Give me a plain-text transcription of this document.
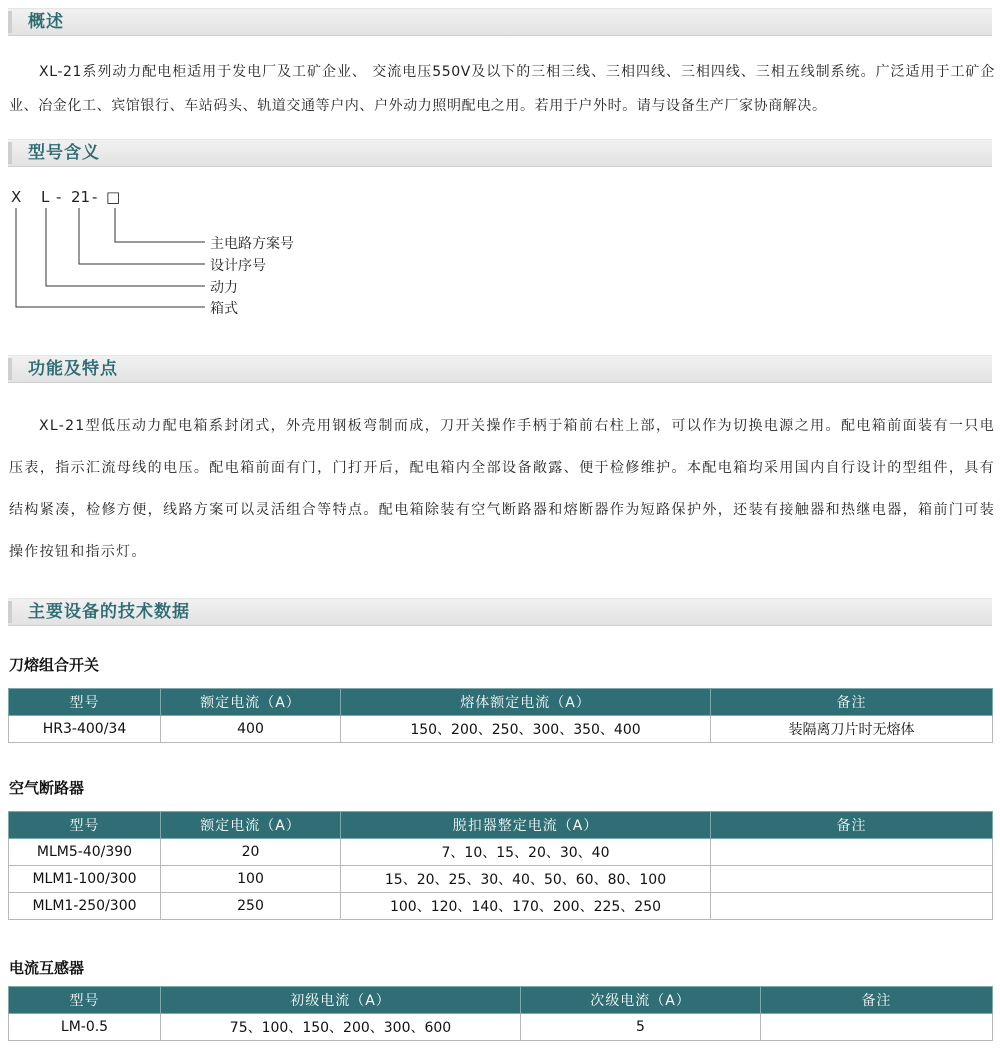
概述

XL-21系列动力配电柜适用于发电厂及工矿企业、 交流电压550V及以下的三相三线、三相四线、三相四线、三相五线制系统。广泛适用于工矿企业、冶金化工、宾馆银行、车站码头、轨道交通等户内、户外动力照明配电之用。若用于户外时。请与设备生产厂家协商解决。

型号含义
X L - 21 - □
主电路方案号
设计序号
动力
箱式
功能及特点

XL-21型低压动力配电箱系封闭式，外壳用钢板弯制而成，刀开关操作手柄于箱前右柱上部，可以作为切换电源之用。配电箱前面装有一只电压表，指示汇流母线的电压。配电箱前面有门，门打开后，配电箱内全部设备敞露、便于检修维护。本配电箱均采用国内自行设计的型组件，具有结构紧凑，检修方便，线路方案可以灵活组合等特点。配电箱除装有空气断路器和熔断器作为短路保护外，还装有接触器和热继电器，箱前门可装操作按钮和指示灯。

主要设备的技术数据
刀熔组合开关
型号	额定电流（A）	熔体额定电流（A）	备注
HR3-400/34	400	150、200、250、300、350、400	装隔离刀片时无熔体
空气断路器
型号	额定电流（A）	脱扣器整定电流（A）	备注
MLM5-40/390	20	7、10、15、20、30、40	
MLM1-100/300	100	15、20、25、30、40、50、60、80、100	
MLM1-250/300	250	100、120、140、170、200、225、250	
电流互感器
型号	初级电流（A）	次级电流（A）	备注
LM-0.5	75、100、150、200、300、600	5	
